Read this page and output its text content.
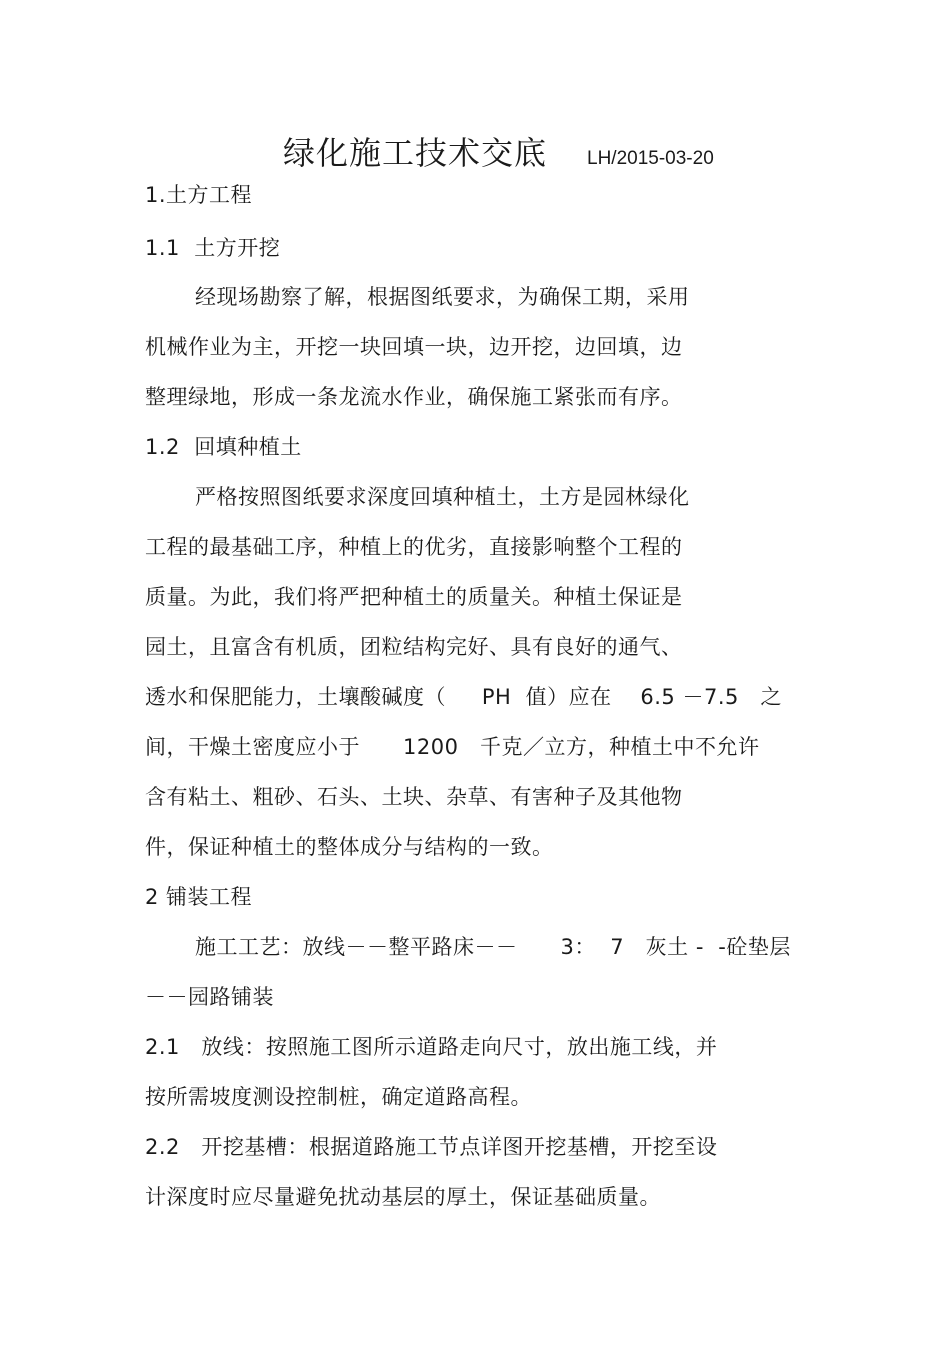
绿化施工技术交底 LH/2015-03-20
1.土方工程
1.1  土方开挖
经现场勘察了解，根据图纸要求，为确保工期，采用
机械作业为主，开挖一块回填一块，边开挖，边回填，边
整理绿地，形成一条龙流水作业，确保施工紧张而有序。
1.2  回填种植土
严格按照图纸要求深度回填种植土，土方是园林绿化
工程的最基础工序，种植上的优劣，直接影响整个工程的
质量。为此，我们将严把种植土的质量关。种植土保证是
园土，且富含有机质，团粒结构完好、具有良好的通气、
透水和保肥能力，土壤酸碱度（     PH  值）应在    6.5 －7.5   之
间，干燥土密度应小于      1200   千克／立方，种植土中不允许
含有粘土、粗砂、石头、土块、杂草、有害种子及其他物
件，保证种植土的整体成分与结构的一致。
2 铺装工程
施工工艺：放线－－整平路床－－      3：  7   灰土 -  -砼垫层
－－园路铺装
2.1   放线：按照施工图所示道路走向尺寸，放出施工线，并
按所需坡度测设控制桩，确定道路高程。
2.2   开挖基槽：根据道路施工节点详图开挖基槽，开挖至设
计深度时应尽量避免扰动基层的厚土，保证基础质量。
